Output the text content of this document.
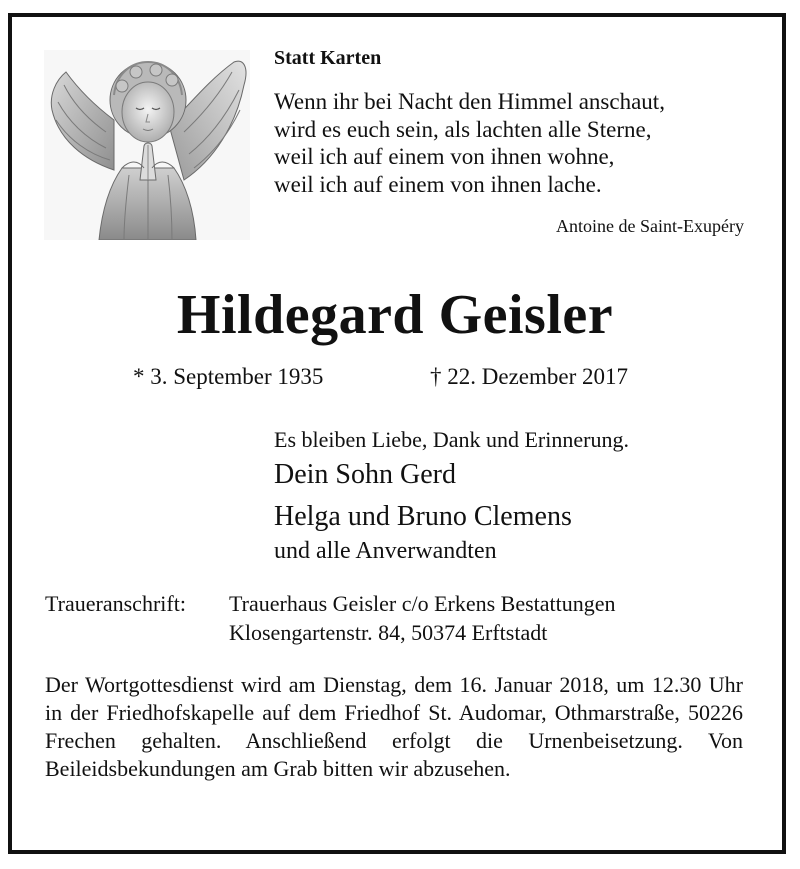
Statt Karten
Wenn ihr bei Nacht den Himmel anschaut,
wird es euch sein, als lachten alle Sterne,
weil ich auf einem von ihnen wohne,
weil ich auf einem von ihnen lache.
Antoine de Saint-Exupéry
Hildegard Geisler
* 3. September 1935	† 22. Dezember 2017
Es bleiben Liebe, Dank und Erinnerung.
Dein Sohn Gerd
Helga und Bruno Clemens
und alle Anverwandten
Traueranschrift: Trauerhaus Geisler c/o Erkens Bestattungen
Klosengartenstr. 84, 50374 Erftstadt
Der Wortgottesdienst wird am Dienstag, dem 16. Januar 2018, um 12.30 Uhr in der Friedhofskapelle auf dem Friedhof St. Audomar, Othmarstraße, 50226 Frechen gehalten. Anschließend erfolgt die Urnenbeisetzung. Von Beileidsbekundungen am Grab bitten wir abzusehen.
